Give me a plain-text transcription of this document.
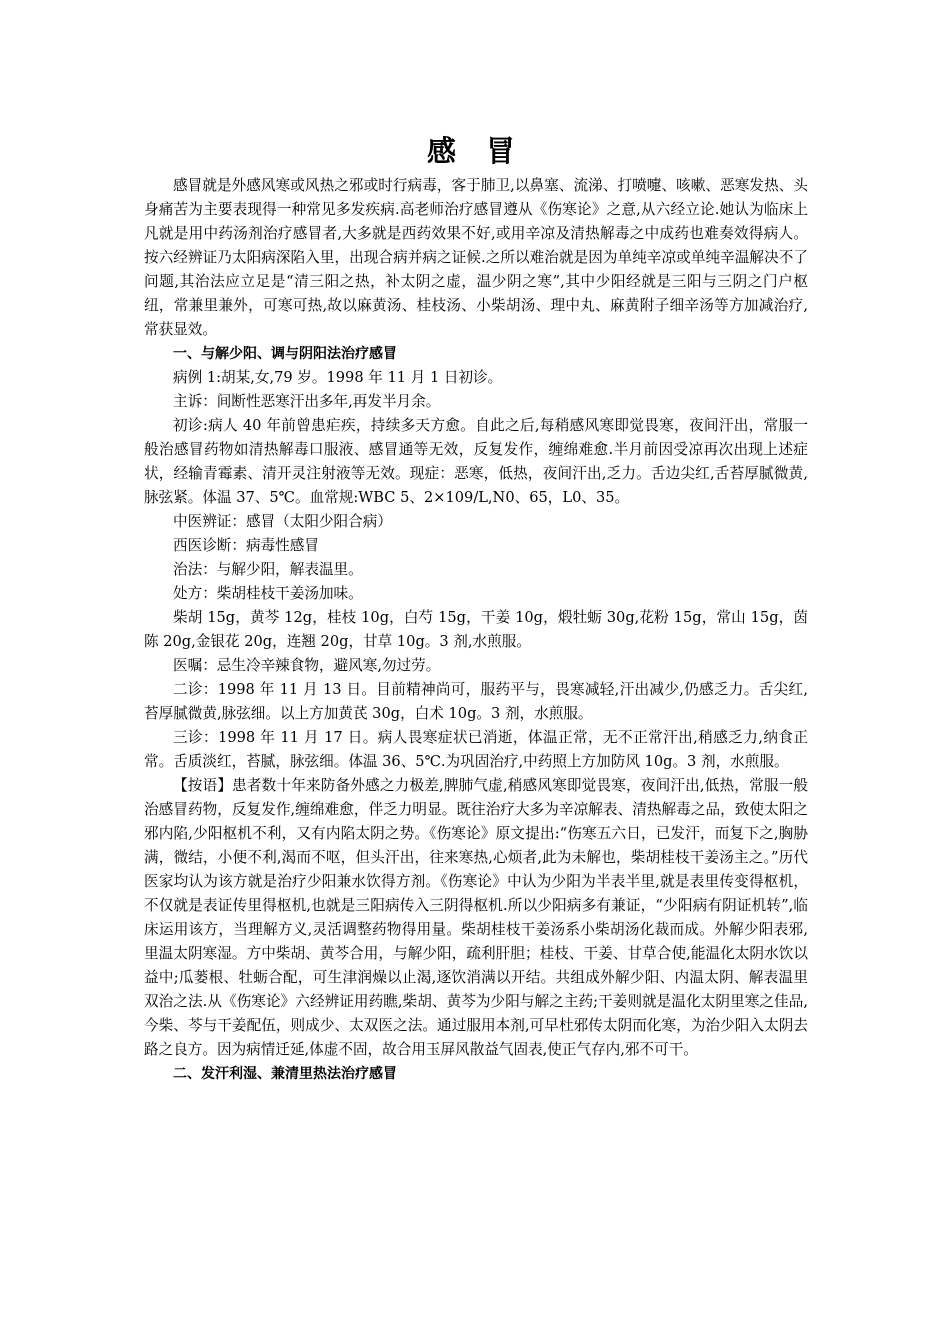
感 冒

感冒就是外感风寒或风热之邪或时行病毒，客于肺卫,以鼻塞、流涕、打喷嚏、咳嗽、恶寒发热、头身痛苦为主要表现得一种常见多发疾病.高老师治疗感冒遵从《伤寒论》之意,从六经立论.她认为临床上凡就是用中药汤剂治疗感冒者,大多就是西药效果不好,或用辛凉及清热解毒之中成药也难奏效得病人。按六经辨证乃太阳病深陷入里，出现合病并病之证候.之所以难治就是因为单纯辛凉或单纯辛温解决不了问题,其治法应立足是“清三阳之热，补太阴之虚，温少阴之寒”,其中少阳经就是三阳与三阴之门户枢纽，常兼里兼外，可寒可热,故以麻黄汤、桂枝汤、小柴胡汤、理中丸、麻黄附子细辛汤等方加减治疗,常获显效。

一、与解少阳、调与阴阳法治疗感冒

病例 1:胡某,女,79 岁。1998 年 11 月 1 日初诊。

主诉：间断性恶寒汗出多年,再发半月余。

初诊:病人 40 年前曾患疟疾，持续多天方愈。自此之后,每稍感风寒即觉畏寒，夜间汗出，常服一般治感冒药物如清热解毒口服液、感冒通等无效，反复发作，缠绵难愈.半月前因受凉再次出现上述症状，经输青霉素、清开灵注射液等无效。现症：恶寒，低热，夜间汗出,乏力。舌边尖红,舌苔厚腻微黄,脉弦紧。体温 37、5℃。血常规:WBC 5、2×109/L,N0、65，L0、35。

中医辨证：感冒（太阳少阳合病）

西医诊断：病毒性感冒

治法：与解少阳，解表温里。

处方：柴胡桂枝干姜汤加味。

柴胡 15g，黄芩 12g，桂枝 10g，白芍 15g，干姜 10g，煅牡蛎 30g,花粉 15g，常山 15g，茵陈 20g,金银花 20g，连翘 20g，甘草 10g。3 剂,水煎服。

医嘱：忌生冷辛辣食物，避风寒,勿过劳。

二诊：1998 年 11 月 13 日。目前精神尚可，服药平与，畏寒减轻,汗出减少,仍感乏力。舌尖红,苔厚腻微黄,脉弦细。以上方加黄芪 30g，白术 10g。3 剂，水煎服。

三诊：1998 年 11 月 17 日。病人畏寒症状已消逝，体温正常，无不正常汗出,稍感乏力,纳食正常。舌质淡红，苔腻，脉弦细。体温 36、5℃.为巩固治疗,中药照上方加防风 10g。3 剂，水煎服。

【按语】患者数十年来防备外感之力极差,脾肺气虚,稍感风寒即觉畏寒，夜间汗出,低热，常服一般治感冒药物，反复发作,缠绵难愈，伴乏力明显。既往治疗大多为辛凉解表、清热解毒之品，致使太阳之邪内陷,少阳枢机不利，又有内陷太阴之势。《伤寒论》原文提出:“伤寒五六日，已发汗，而复下之,胸胁满，微结，小便不利,渴而不呕，但头汗出，往来寒热,心烦者,此为未解也，柴胡桂枝干姜汤主之。”历代医家均认为该方就是治疗少阳兼水饮得方剂。《伤寒论》中认为少阳为半表半里,就是表里传变得枢机，不仅就是表证传里得枢机,也就是三阳病传入三阴得枢机.所以少阳病多有兼证，“少阳病有阴证机转”,临床运用该方，当理解方义,灵活调整药物得用量。柴胡桂枝干姜汤系小柴胡汤化裁而成。外解少阳表邪,里温太阴寒湿。方中柴胡、黄芩合用，与解少阳，疏利肝胆；桂枝、干姜、甘草合使,能温化太阴水饮以益中;瓜蒌根、牡蛎合配，可生津润燥以止渴,逐饮消满以开结。共组成外解少阳、内温太阴、解表温里双治之法.从《伤寒论》六经辨证用药瞧,柴胡、黄芩为少阳与解之主药;干姜则就是温化太阴里寒之佳品,今柴、芩与干姜配伍，则成少、太双医之法。通过服用本剂,可早杜邪传太阴而化寒，为治少阳入太阴去路之良方。因为病情迁延,体虚不固，故合用玉屏风散益气固表,使正气存内,邪不可干。

二、发汗利湿、兼清里热法治疗感冒
